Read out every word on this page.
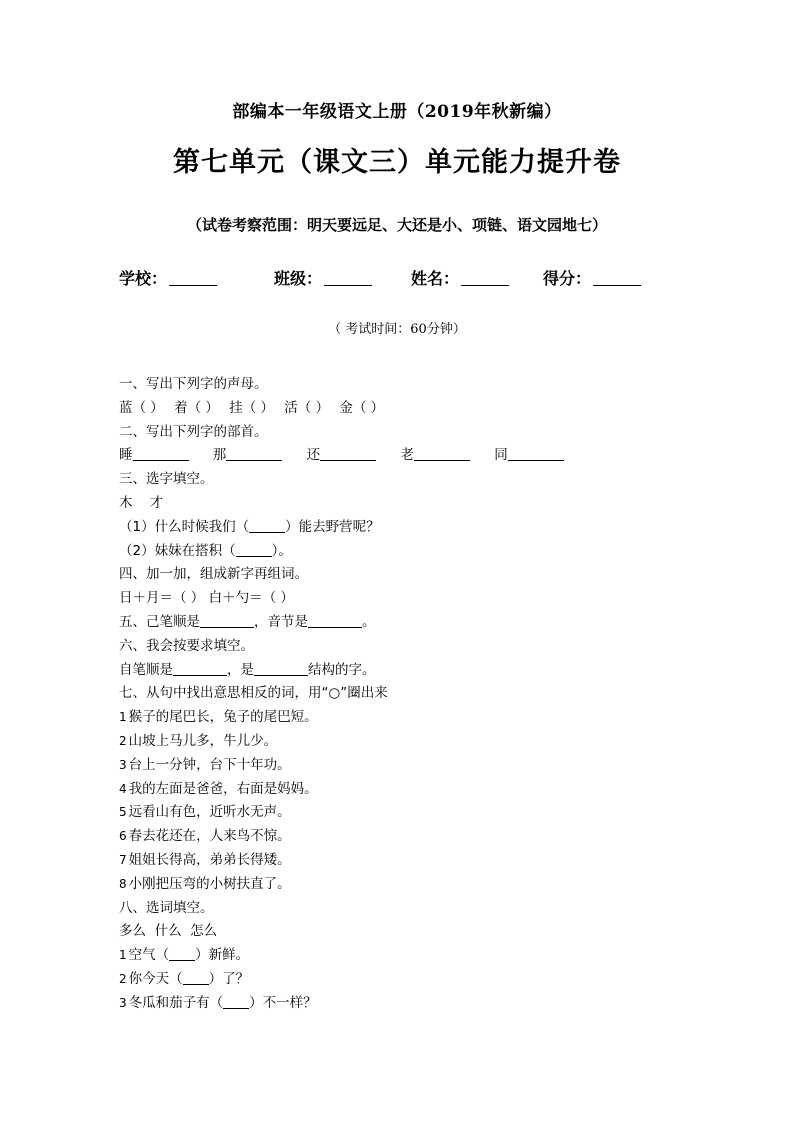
部编本一年级语文上册（2019年秋新编）
第七单元（课文三）单元能力提升卷
（试卷考察范围：明天要远足、大还是小、项链、语文园地七）
学校：	班级：	姓名：	得分：
（ 考试时间：60分钟）
一、写出下列字的声母。
蓝（ ） 着（ ） 挂（ ） 活（ ） 金（ ）
二、写出下列字的部首。
睡	那	还	老	同
三、选字填空。
木    才
（1）什么时候我们（	）能去野营呢？
（2）妹妹在搭积（	）。
四、加一加，组成新字再组词。
日＋月＝（ ） 白＋勺＝（ ）
五、己笔顺是	，音节是	。
六、我会按要求填空。
自笔顺是	，是	结构的字。
七、从句中找出意思相反的词，用“○”圈出来
1 猴子的尾巴长，兔子的尾巴短。
2 山坡上马儿多，牛儿少。
3 台上一分钟，台下十年功。
4 我的左面是爸爸，右面是妈妈。
5 远看山有色，近听水无声。
6 春去花还在，人来鸟不惊。
7 姐姐长得高，弟弟长得矮。
8 小刚把压弯的小树扶直了。
八、选词填空。
多么  什么  怎么
1 空气（ ）新鲜。
2 你今天（ ）了？
3 冬瓜和茄子有（ ）不一样？
